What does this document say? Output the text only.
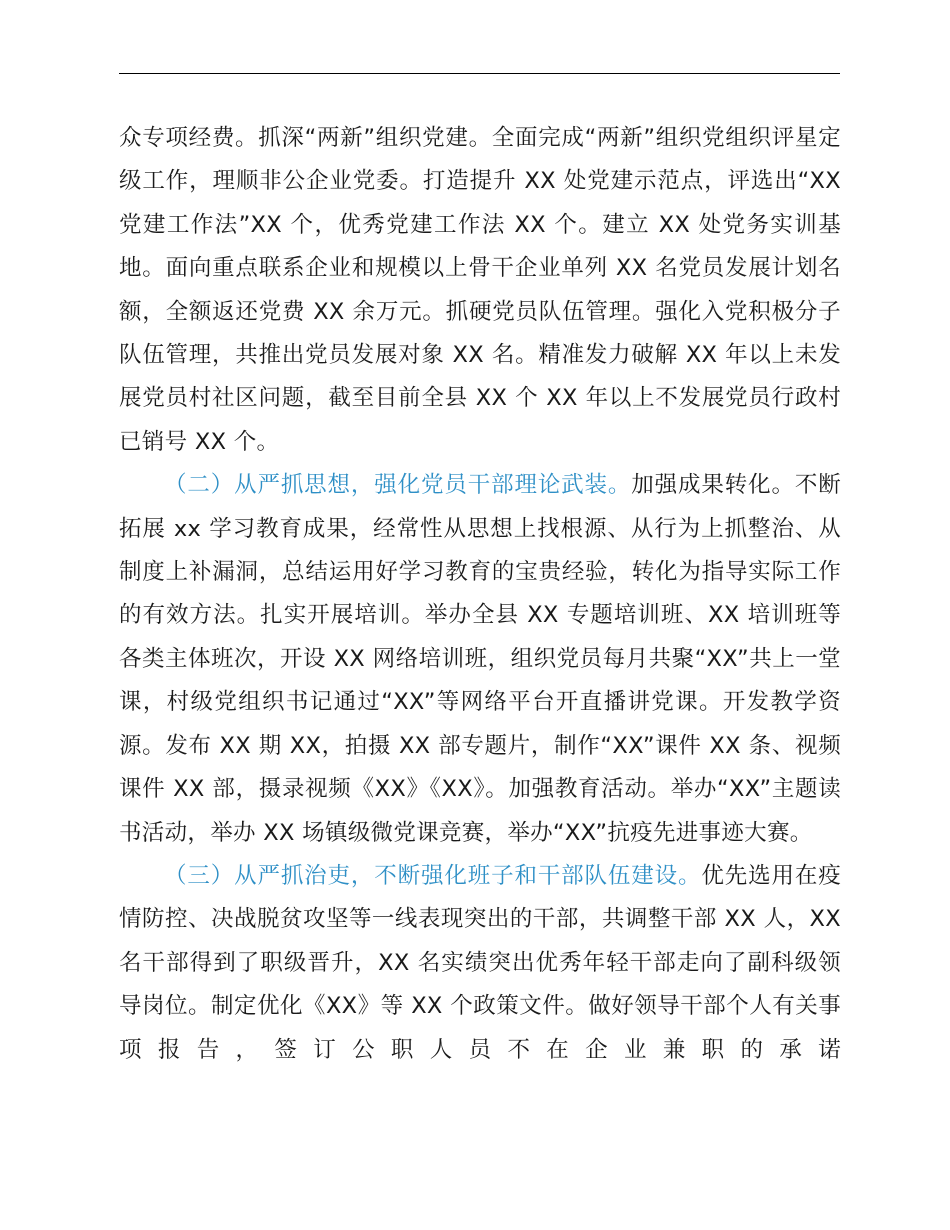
众专项经费。抓深“两新”组织党建。全面完成“两新”组织党组织评星定级工作，理顺非公企业党委。打造提升 XX 处党建示范点，评选出“XX 党建工作法”XX 个，优秀党建工作法 XX 个。建立 XX 处党务实训基地。面向重点联系企业和规模以上骨干企业单列 XX 名党员发展计划名额，全额返还党费 XX 余万元。抓硬党员队伍管理。强化入党积极分子队伍管理，共推出党员发展对象 XX 名。精准发力破解 XX 年以上未发展党员村社区问题，截至目前全县 XX 个 XX 年以上不发展党员行政村已销号 XX 个。

（二）从严抓思想，强化党员干部理论武装。加强成果转化。不断拓展 xx 学习教育成果，经常性从思想上找根源、从行为上抓整治、从制度上补漏洞，总结运用好学习教育的宝贵经验，转化为指导实际工作的有效方法。扎实开展培训。举办全县 XX 专题培训班、XX 培训班等各类主体班次，开设 XX 网络培训班，组织党员每月共聚“XX”共上一堂课，村级党组织书记通过“XX”等网络平台开直播讲党课。开发教学资源。发布 XX 期 XX，拍摄 XX 部专题片，制作“XX”课件 XX 条、视频课件 XX 部，摄录视频《XX》《XX》。加强教育活动。举办“XX”主题读书活动，举办 XX 场镇级微党课竞赛，举办“XX”抗疫先进事迹大赛。

（三）从严抓治吏，不断强化班子和干部队伍建设。优先选用在疫情防控、决战脱贫攻坚等一线表现突出的干部，共调整干部 XX 人，XX 名干部得到了职级晋升，XX 名实绩突出优秀年轻干部走向了副科级领导岗位。制定优化《XX》等 XX 个政策文件。做好领导干部个人有关事项报告，签订公职人员不在企业兼职的承诺
